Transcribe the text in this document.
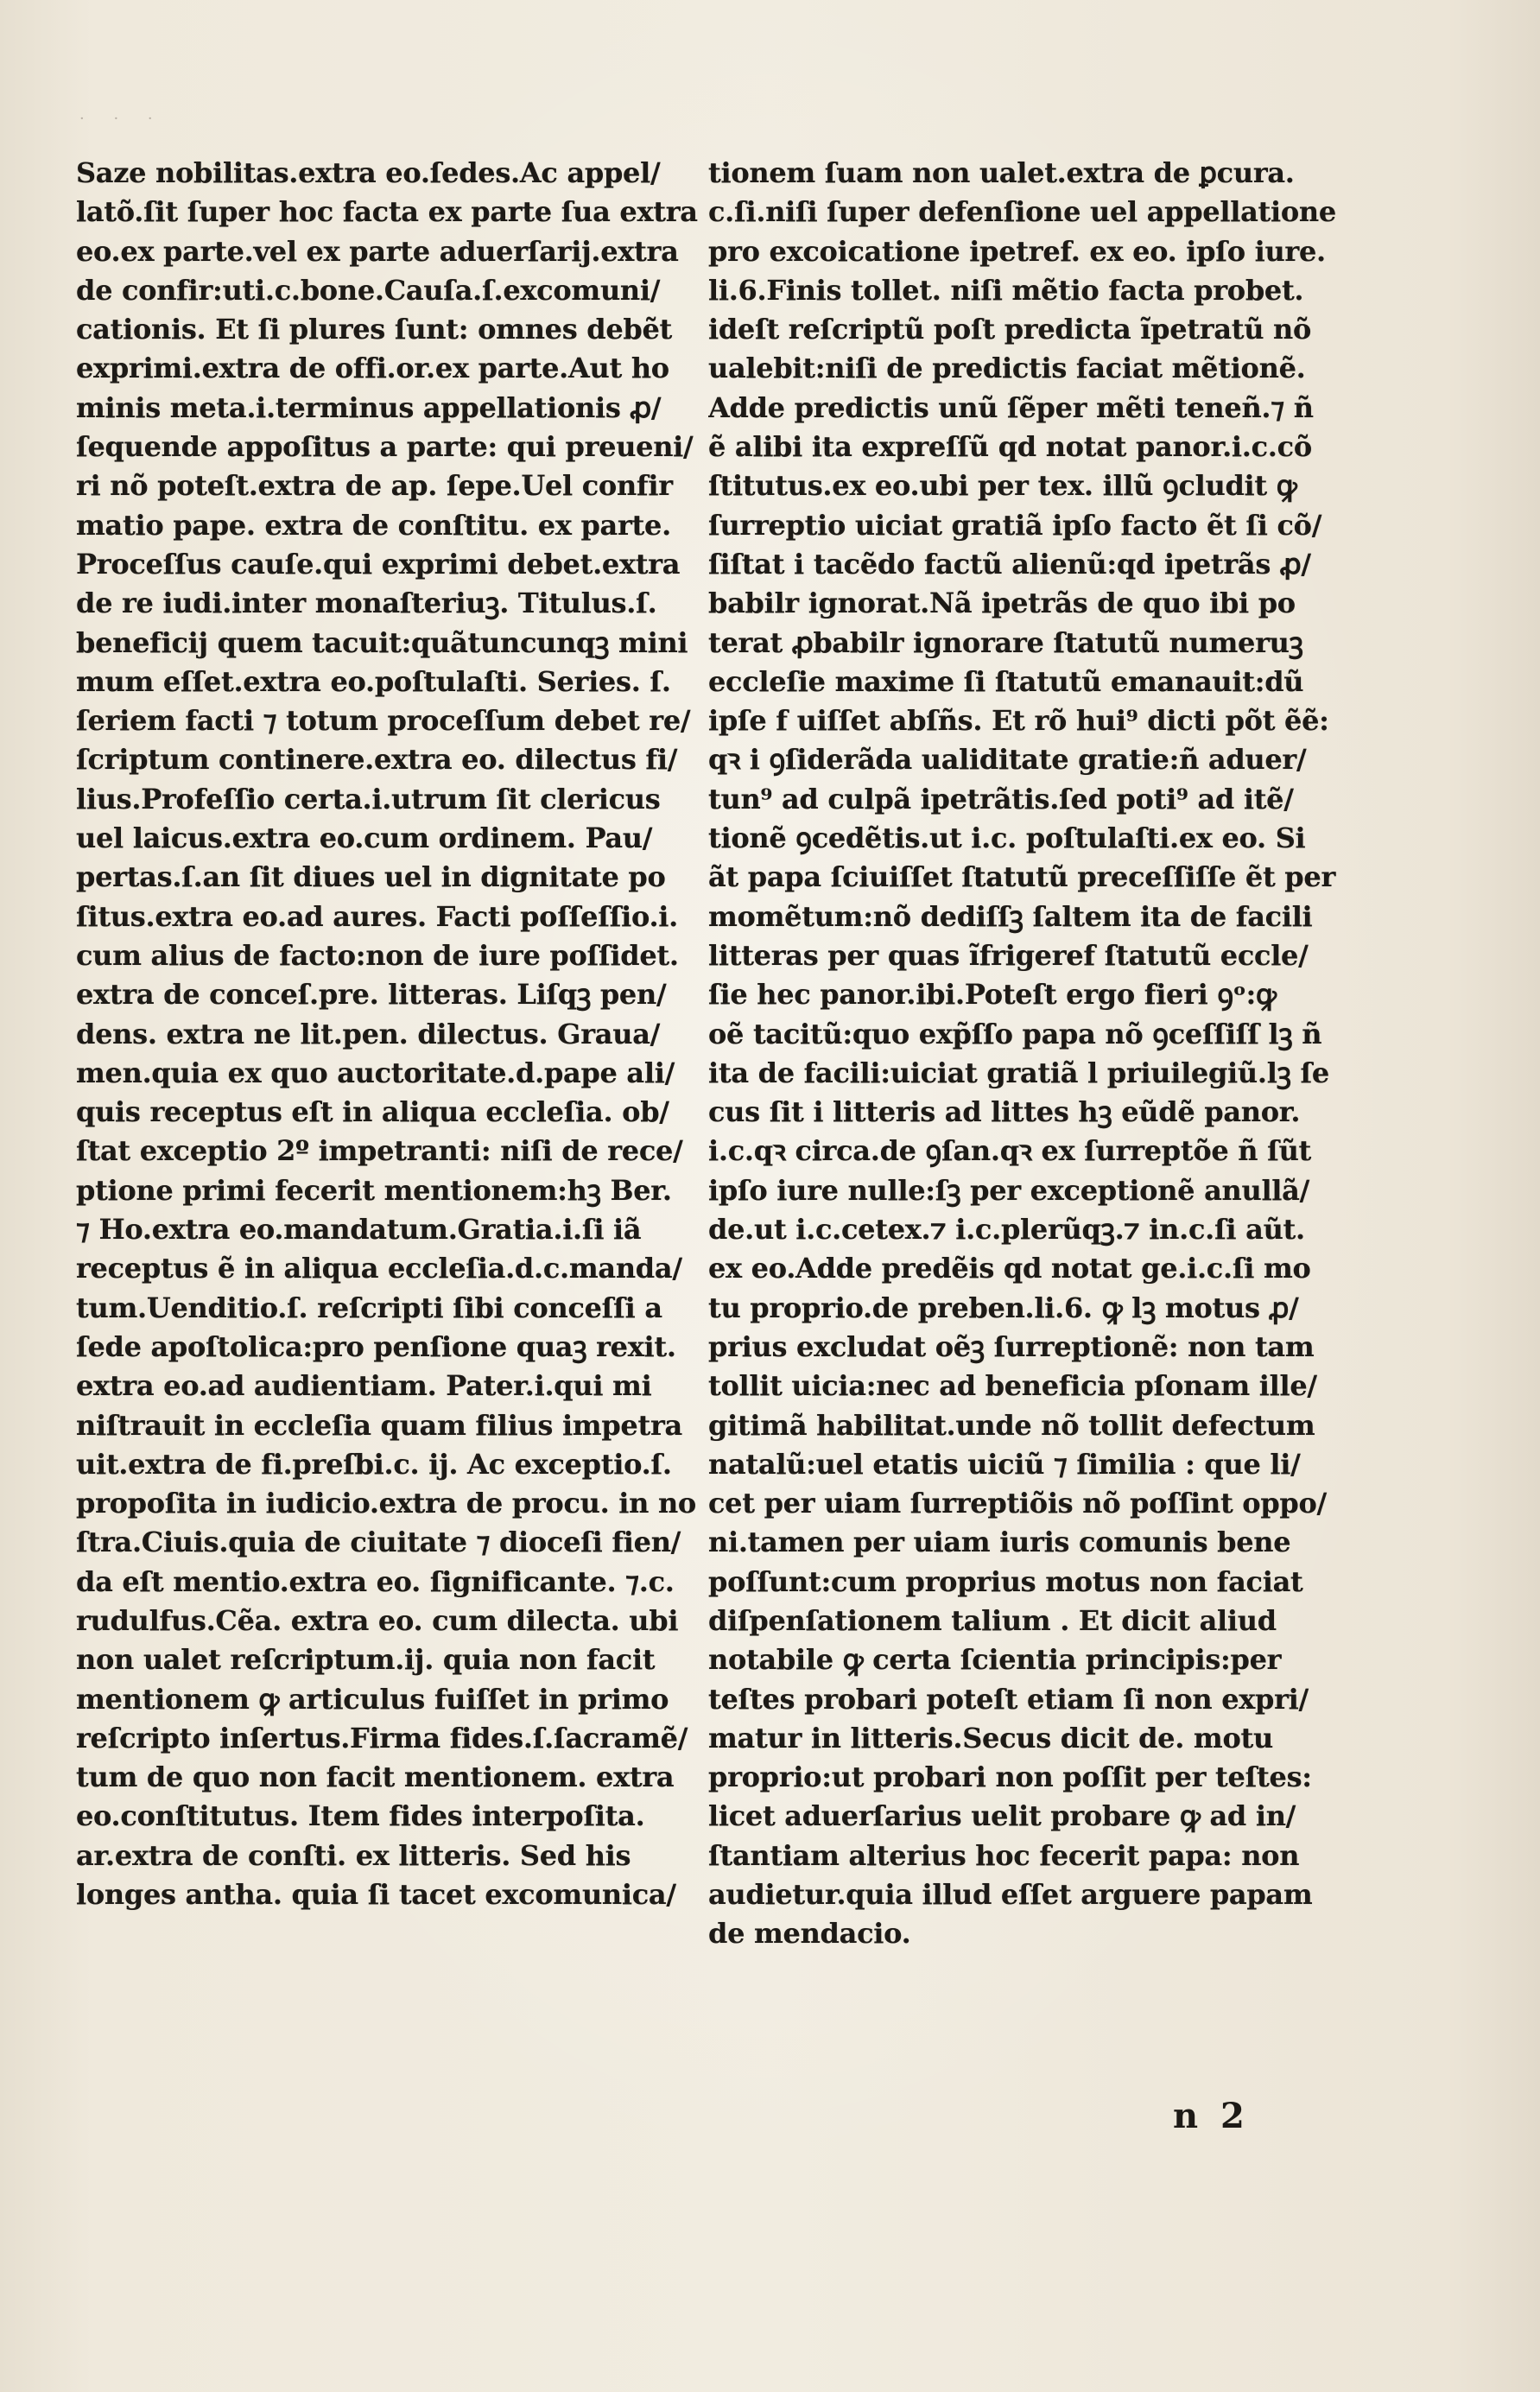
· · ·
Saze nobilitas.extra eo.ſedes.Ac appel/
latõ.ſit ſuper hoc facta ex parte ſua extra
eo.ex parte.vel ex parte aduerſarij.extra
de confir:uti.c.bone.Cauſa.ſ.excomuni/
cationis. Et ſi plures ſunt: omnes debẽt
exprimi.extra de offi.or.ex parte.Aut ho
minis meta.i.terminus appellationis ꝓ/
ſequende appoſitus a parte: qui preueni/
ri nõ poteſt.extra de ap. ſepe.Uel confir
matio pape. extra de conſtitu. ex parte.
Proceſſus cauſe.qui exprimi debet.extra
de re iudi.inter monaſteriuꝫ. Titulus.ſ.
beneficij quem tacuit:quãtuncunqꝫ mini
mum eſſet.extra eo.poſtulaſti. Series. ſ.
ſeriem facti ⁊ totum proceſſum debet re/
ſcriptum continere.extra eo. dilectus fi/
lius.Profeſſio certa.i.utrum ſit clericus
uel laicus.extra eo.cum ordinem. Pau/
pertas.ſ.an ſit diues uel in dignitate po
ſitus.extra eo.ad aures. Facti poſſeſſio.i.
cum alius de facto:non de iure poſſidet.
extra de conceſ.pre. litteras. Liſqꝫ pen/
dens. extra ne lit.pen. dilectus. Graua/
men.quia ex quo auctoritate.d.pape ali/
quis receptus eſt in aliqua eccleſia. ob/
ſtat exceptio 2º impetranti: niſi de rece/
ptione primi fecerit mentionem:hꝫ Ber.
⁊ Ho.extra eo.mandatum.Gratia.i.ſi iã
receptus ẽ in aliqua eccleſia.d.c.manda/
tum.Uenditio.ſ. reſcripti ſibi conceſſi a
ſede apoſtolica:pro penſione quaꝫ rexit.
extra eo.ad audientiam. Pater.i.qui mi
niſtrauit in eccleſia quam filius impetra
uit.extra de fi.preſbi.c. ij. Ac exceptio.ſ.
propoſita in iudicio.extra de procu. in no
ſtra.Ciuis.quia de ciuitate ⁊ dioceſi fien/
da eſt mentio.extra eo. ſignificante. ⁊.c.
rudulfus.Cẽa. extra eo. cum dilecta. ubi
non ualet reſcriptum.ij. quia non facit
mentionem ꝙ articulus fuiſſet in primo
reſcripto inſertus.Firma fides.ſ.ſacramẽ/
tum de quo non facit mentionem. extra
eo.conſtitutus. Item fides interpoſita.
ar.extra de conſti. ex litteris. Sed his
longes antha. quia ſi tacet excomunica/
tionem ſuam non ualet.extra de ꝑcura.
c.ſi.niſi ſuper defenſione uel appellatione
pro excoicatione ipetref. ex eo. ipſo iure.
li.6.Finis tollet. niſi mẽtio facta probet.
ideſt reſcriptũ poſt predicta ĩpetratũ nõ
ualebit:niſi de predictis faciat mẽtionẽ.
Adde predictis unũ ſẽper mẽti teneñ.⁊ ñ
ẽ alibi ita expreſſũ qd notat panor.i.c.cõ
ſtitutus.ex eo.ubi per tex. illũ ꝯcludit ꝙ
ſurreptio uiciat gratiã ipſo facto ẽt ſi cõ/
ſiſtat i tacẽdo factũ alienũ:qd ipetrãs ꝓ/
babilr ignorat.Nã ipetrãs de quo ibi po
terat ꝓbabilr ignorare ſtatutũ numeruꝫ
eccleſie maxime ſi ſtatutũ emanauit:dũ
ipſe f uiſſet abſñs. Et rõ hui⁹ dicti põt ẽẽ:
qꝛ i ꝯſiderãda ualiditate gratie:ñ aduer/
tun⁹ ad culpã ipetrãtis.ſed poti⁹ ad itẽ/
tionẽ ꝯcedẽtis.ut i.c. poſtulaſti.ex eo. Si
ãt papa ſciuiſſet ſtatutũ preceſſiſſe ẽt per
momẽtum:nõ dediſſꝫ ſaltem ita de facili
litteras per quas ĩfrigeref ſtatutũ eccle/
ſie hec panor.ibi.Poteſt ergo fieri ꝯᵒ:ꝙ
oẽ tacitũ:quo exp̃ſſo papa nõ ꝯceſſiſſ lꝫ ñ
ita de facili:uiciat gratiã l priuilegiũ.lꝫ ſe
cus ſit i litteris ad littes hꝫ eũdẽ panor.
i.c.qꝛ circa.de ꝯſan.qꝛ ex ſurreptõe ñ ſũt
ipſo iure nulle:ſꝫ per exceptionẽ anullã/
de.ut i.c.cetex.⁊ i.c.plerũqꝫ.⁊ in.c.ſi aũt.
ex eo.Adde predẽis qd notat ge.i.c.ſi mo
tu proprio.de preben.li.6. ꝙ lꝫ motus ꝓ/
prius excludat oẽꝫ ſurreptionẽ: non tam
tollit uicia:nec ad beneficia pſonam ille/
gitimã habilitat.unde nõ tollit defectum
natalũ:uel etatis uiciũ ⁊ ſimilia : que li/
cet per uiam ſurreptiõis nõ poſſint oppo/
ni.tamen per uiam iuris comunis bene
poſſunt:cum proprius motus non faciat
diſpenſationem talium . Et dicit aliud
notabile ꝙ certa ſcientia principis:per
teſtes probari poteſt etiam ſi non expri/
matur in litteris.Secus dicit de. motu
proprio:ut probari non poſſit per teſtes:
licet aduerſarius uelit probare ꝙ ad in/
ſtantiam alterius hoc fecerit papa: non
audietur.quia illud eſſet arguere papam
de mendacio.
n 2
